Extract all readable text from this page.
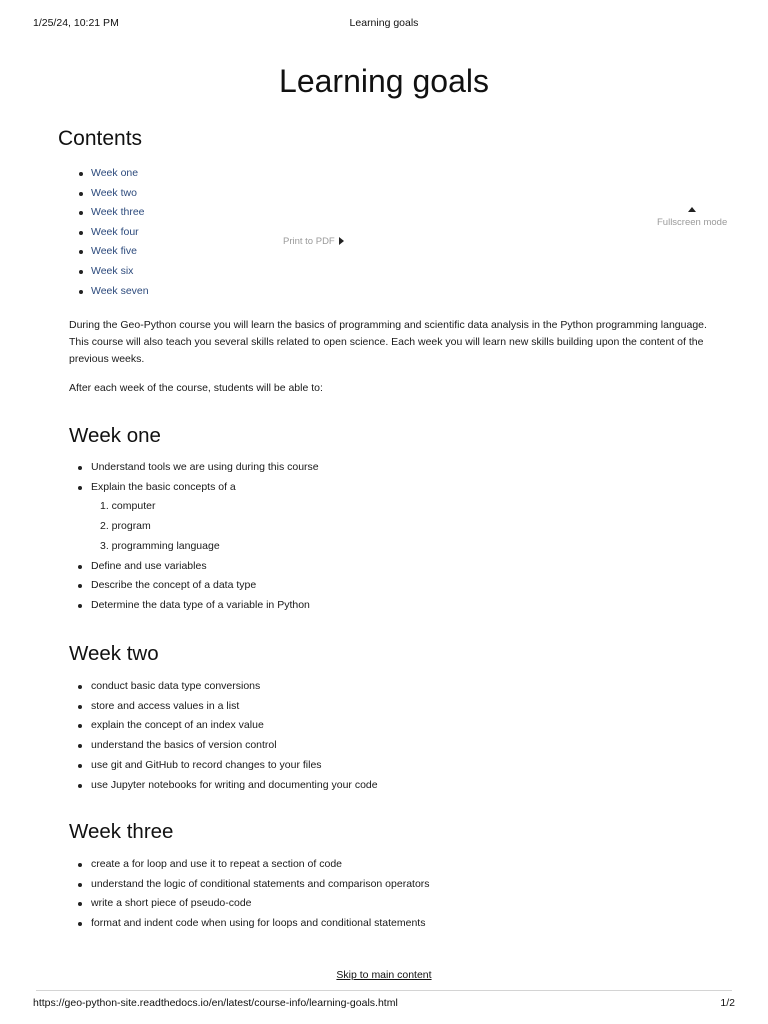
1/25/24, 10:21 PM	Learning goals
Learning goals
Contents
Week one
Week two
Week three
Week four
Week five
Week six
Week seven
Print to PDF
Fullscreen mode

During the Geo-Python course you will learn the basics of programming and scientific data analysis in the Python programming language. This course will also teach you several skills related to open science. Each week you will learn new skills building upon the content of the previous weeks.

After each week of the course, students will be able to:

Week one
Understand tools we are using during this course
Explain the basic concepts of a
1. computer
2. program
3. programming language
Define and use variables
Describe the concept of a data type
Determine the data type of a variable in Python
Week two
conduct basic data type conversions
store and access values in a list
explain the concept of an index value
understand the basics of version control
use git and GitHub to record changes to your files
use Jupyter notebooks for writing and documenting your code
Week three
create a for loop and use it to repeat a section of code
understand the logic of conditional statements and comparison operators
write a short piece of pseudo-code
format and indent code when using for loops and conditional statements
Skip to main content
https://geo-python-site.readthedocs.io/en/latest/course-info/learning-goals.html	1/2
